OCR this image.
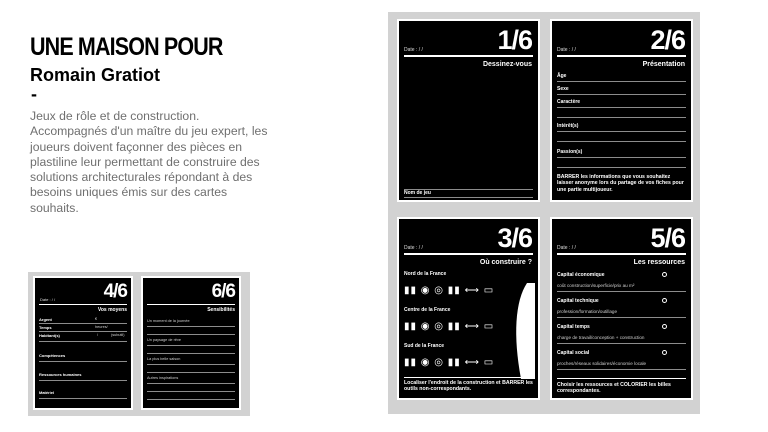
UNE MAISON POUR
Romain Gratiot
-
Jeux de rôle et de construction. Accompagnés d'un maître du jeu expert, les joueurs doivent façonner des pièces en plastiline leur permettant de construire des solutions architecturales répondant à des besoins uniques émis sur des cartes souhaits.
Date : / /	1/6
Dessinez-vous
Nom de jeu
Date : / /	2/6
Présentation
Âge
Sexe
Caractère
Intérêt(s)
Passion(s)
BARRER les informations que vous souhaitez laisser anonyme lors du partage de vos fiches pour une partie multijoueur.
Date : / /	3/6
Où construire ?
Nord de la France
▮▮ ◉ ◎ ▮▮ ⟷ ▭
Centre de la France
▮▮ ◉ ◎ ▮▮ ⟷ ▭
Sud de la France
▮▮ ◉ ◎ ▮▮ ⟷ ▭
Localiser l'endroit de la construction et BARRER les outils non-correspondants.
Date : / /	5/6
Les ressources
Capital économique
coût construction/superficie/prix au m²
Capital technique
profession/formation/outillage
Capital temps
charge de travail/conception + construction
Capital social
proches/réseaux solidaires/économie locale
Choisir les ressources et COLORIER les billes correspondantes.
Date : / /	4/6
Vos moyens
Argent	€
Temps	heures/
Habitant(s)	/	(subutil)
Compétences
Ressources humaines
Matériel
6/6
Sensibilités
Un moment de la journée
Un paysage de rêve
La plus belle saison
Autres inspirations
